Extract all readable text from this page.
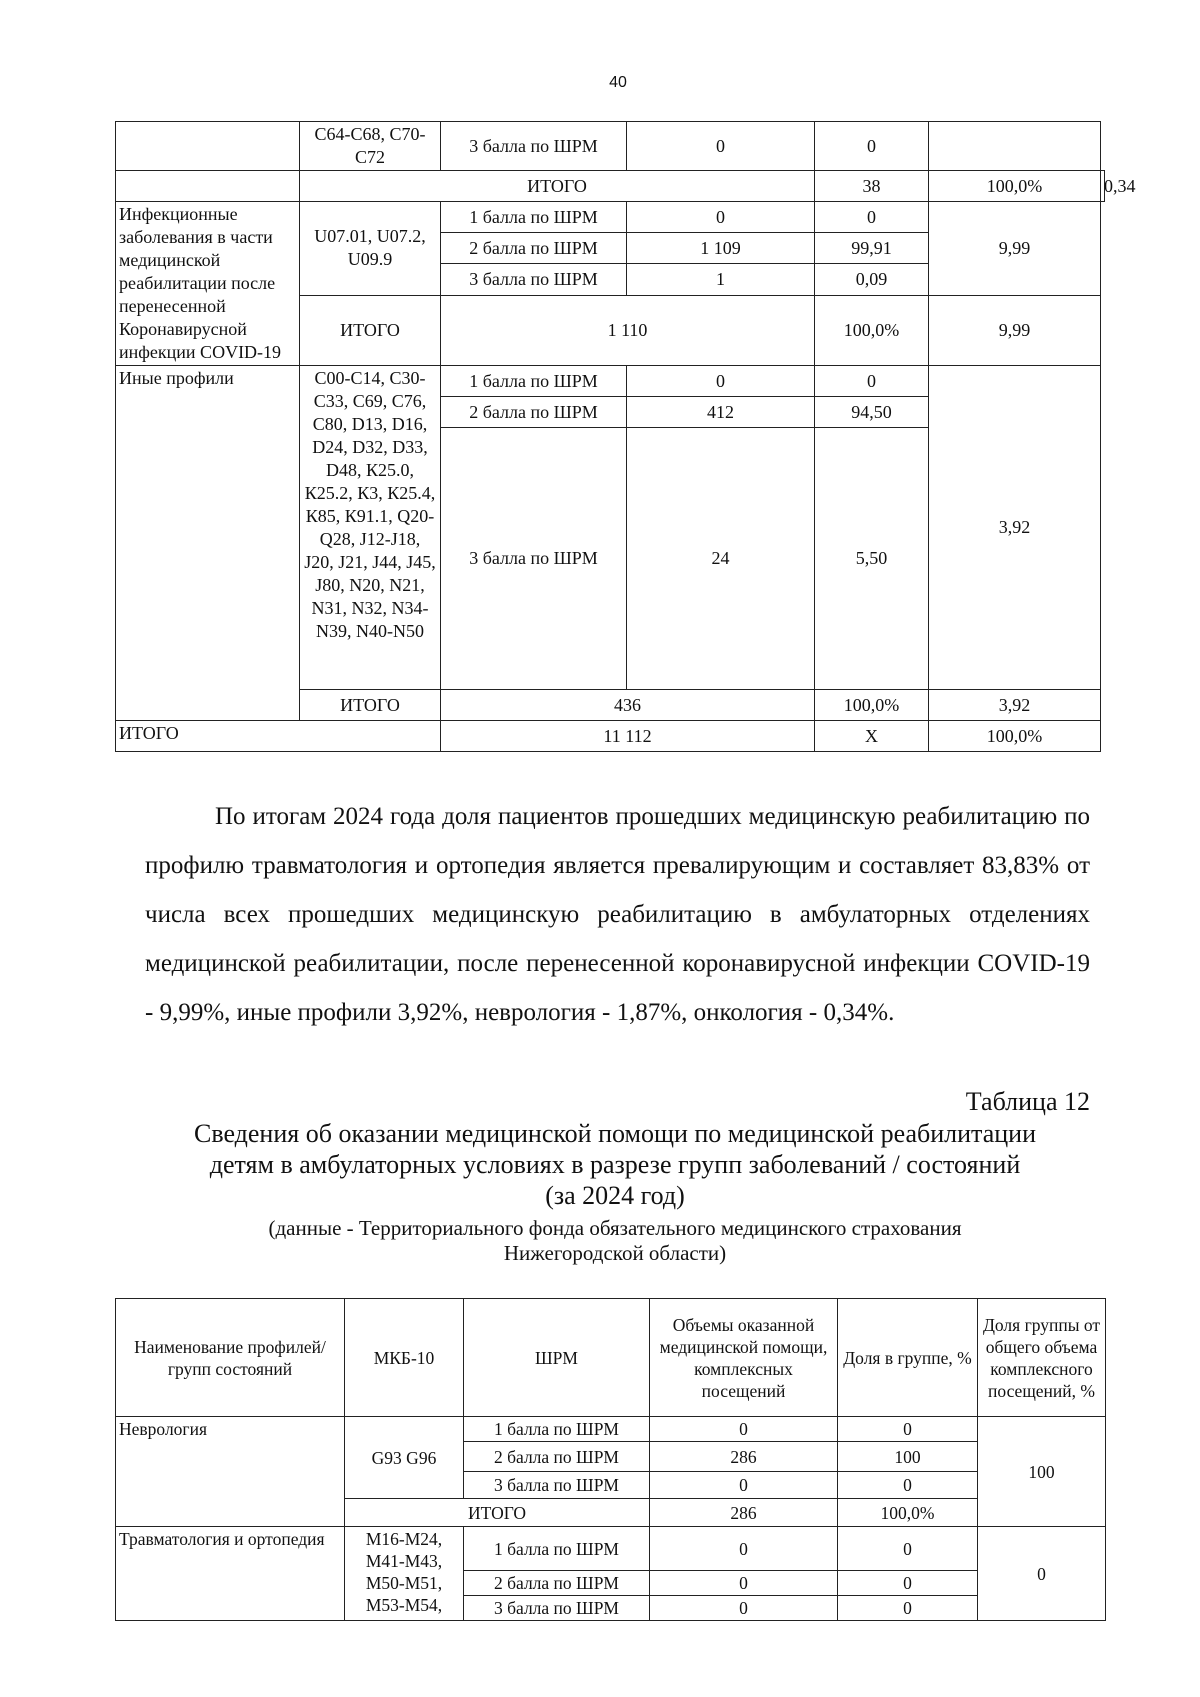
40
	С64-С68, С70-С72	3 балла по ШРМ	0	0		
	ИТОГО			38	100,0%	0,34
Инфекционные заболевания в части медицинской реабилитации после перенесенной Коронавирусной инфекции COVID-19	U07.01, U07.2, U09.9	1 балла по ШРМ	0	0	9,99	
		2 балла по ШРМ	1 109	99,91		
		3 балла по ШРМ	1	0,09		
	ИТОГО	1 110		100,0%	9,99	
Иные профили	С00-С14, С30-С33, С69, С76, С80, D13, D16, D24, D32, D33, D48, К25.0, К25.2, К3, К25.4, К85, К91.1, Q20-Q28, J12-J18, J20, J21, J44, J45, J80, N20, N21, N31, N32, N34-N39, N40-N50	1 балла по ШРМ	0	0	3,92	
		2 балла по ШРМ	412	94,50		
		3 балла по ШРМ	24	5,50		
	ИТОГО	436		100,0%	3,92	
ИТОГО		11 112		Х	100,0%	

По итогам 2024 года доля пациентов прошедших медицинскую реабилитацию по профилю травматология и ортопедия является превалирующим и составляет 83,83% от числа всех прошедших медицинскую реабилитацию в амбулаторных отделениях медицинской реабилитации, после перенесенной коронавирусной инфекции COVID-19 - 9,99%, иные профили 3,92%, неврология - 1,87%, онкология - 0,34%.

Таблица 12
Сведения об оказании медицинской помощи по медицинской реабилитации
детям в амбулаторных условиях в разрезе групп заболеваний / состояний
(за 2024 год)
(данные - Территориального фонда обязательного медицинского страхования
Нижегородской области)
Наименование профилей/групп состояний	МКБ-10	ШРМ	Объемы оказанной медицинской помощи, комплексных посещений	Доля в группе, %	Доля группы от общего объема комплексного посещений, %
Неврология	G93 G96	1 балла по ШРМ	0	0	100
		2 балла по ШРМ	286	100	
		3 балла по ШРМ	0	0	
	ИТОГО		286	100,0%	
Травматология и ортопедия	M16-M24, M41-M43, M50-M51, M53-M54,	1 балла по ШРМ	0	0	0
		2 балла по ШРМ	0	0	
		3 балла по ШРМ	0	0	
